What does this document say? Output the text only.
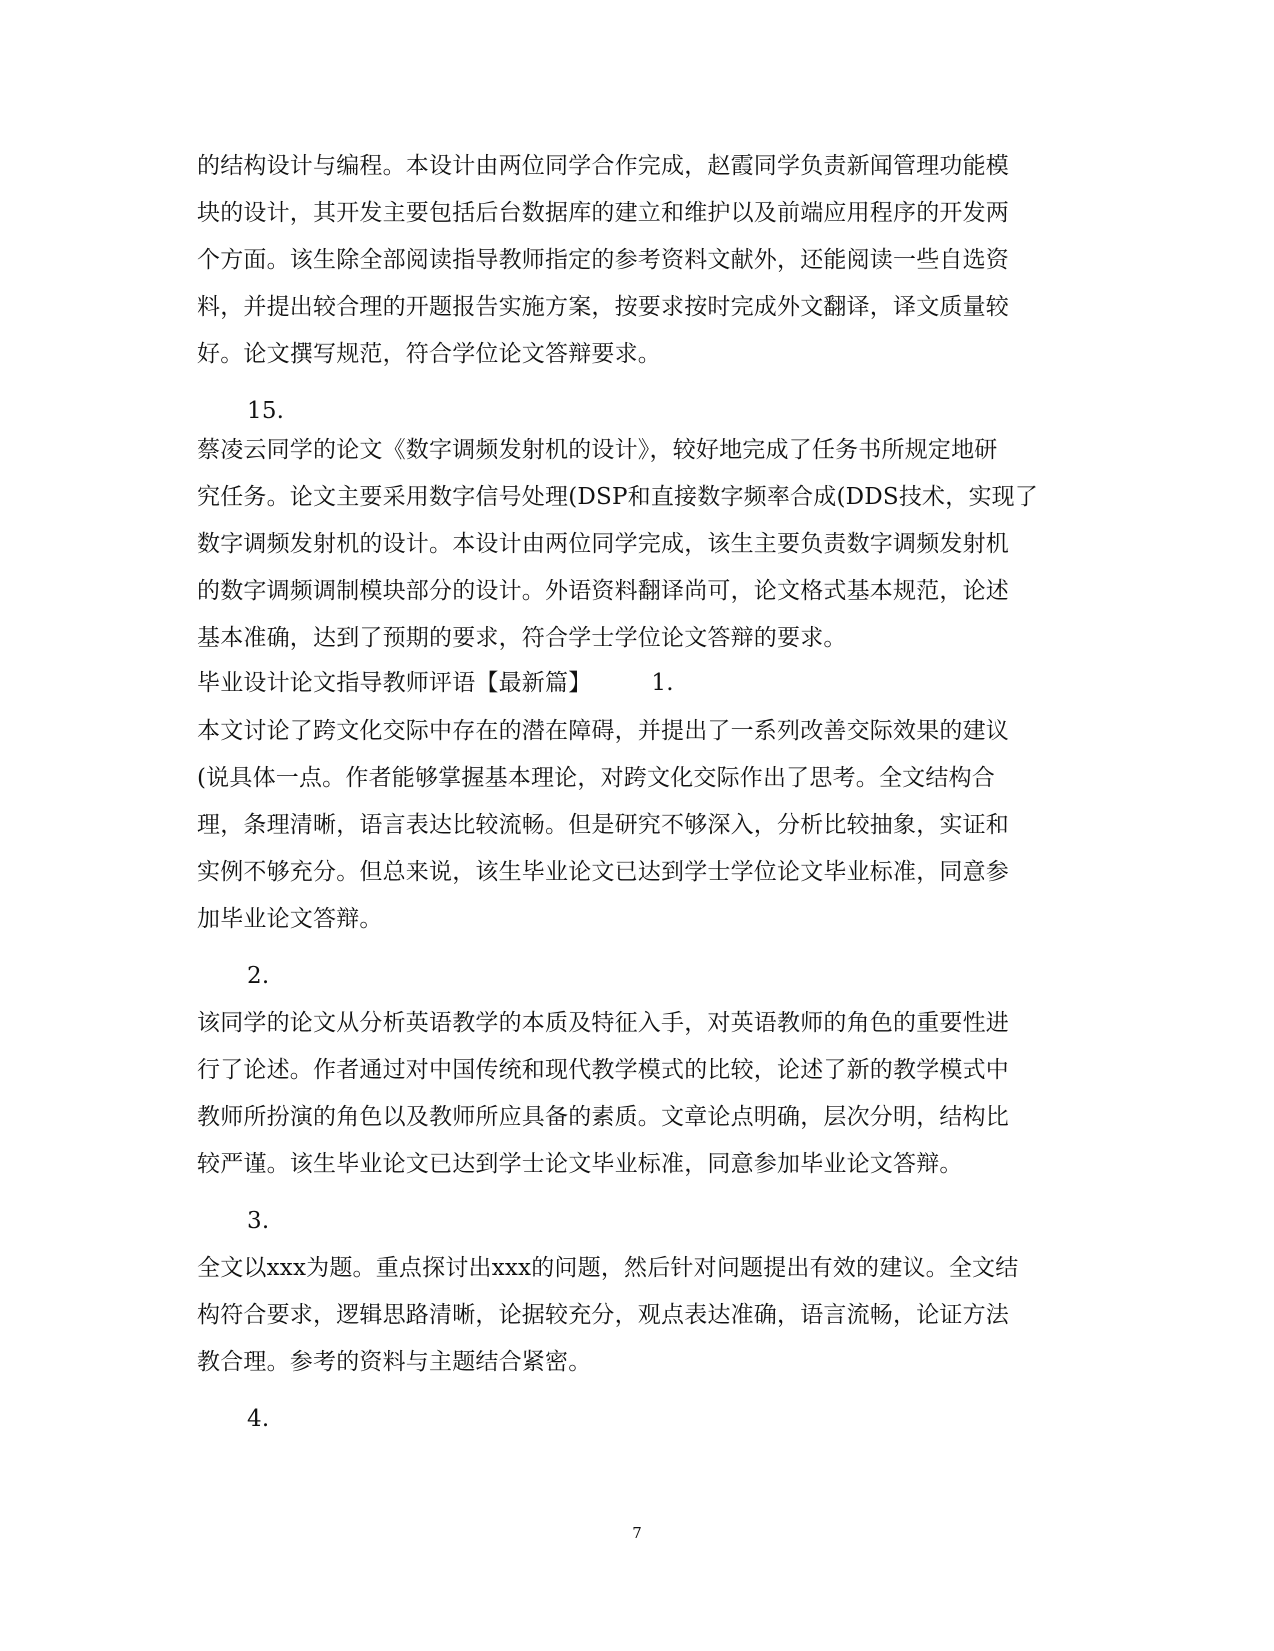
的结构设计与编程。本设计由两位同学合作完成，赵霞同学负责新闻管理功能模
块的设计，其开发主要包括后台数据库的建立和维护以及前端应用程序的开发两
个方面。该生除全部阅读指导教师指定的参考资料文献外，还能阅读一些自选资
料，并提出较合理的开题报告实施方案，按要求按时完成外文翻译，译文质量较
好。论文撰写规范，符合学位论文答辩要求。
15.
蔡凌云同学的论文《数字调频发射机的设计》，较好地完成了任务书所规定地研
究任务。论文主要采用数字信号处理(DSP和直接数字频率合成(DDS技术，实现了
数字调频发射机的设计。本设计由两位同学完成，该生主要负责数字调频发射机
的数字调频调制模块部分的设计。外语资料翻译尚可，论文格式基本规范，论述
基本准确，达到了预期的要求，符合学士学位论文答辩的要求。
毕业设计论文指导教师评语【最新篇】	1.
本文讨论了跨文化交际中存在的潜在障碍，并提出了一系列改善交际效果的建议
(说具体一点。作者能够掌握基本理论，对跨文化交际作出了思考。全文结构合
理，条理清晰，语言表达比较流畅。但是研究不够深入，分析比较抽象，实证和
实例不够充分。但总来说，该生毕业论文已达到学士学位论文毕业标准，同意参
加毕业论文答辩。
2.
该同学的论文从分析英语教学的本质及特征入手，对英语教师的角色的重要性进
行了论述。作者通过对中国传统和现代教学模式的比较，论述了新的教学模式中
教师所扮演的角色以及教师所应具备的素质。文章论点明确，层次分明，结构比
较严谨。该生毕业论文已达到学士论文毕业标准，同意参加毕业论文答辩。
3.
全文以xxx为题。重点探讨出xxx的问题，然后针对问题提出有效的建议。全文结
构符合要求，逻辑思路清晰，论据较充分，观点表达准确，语言流畅，论证方法
教合理。参考的资料与主题结合紧密。
4.
7
